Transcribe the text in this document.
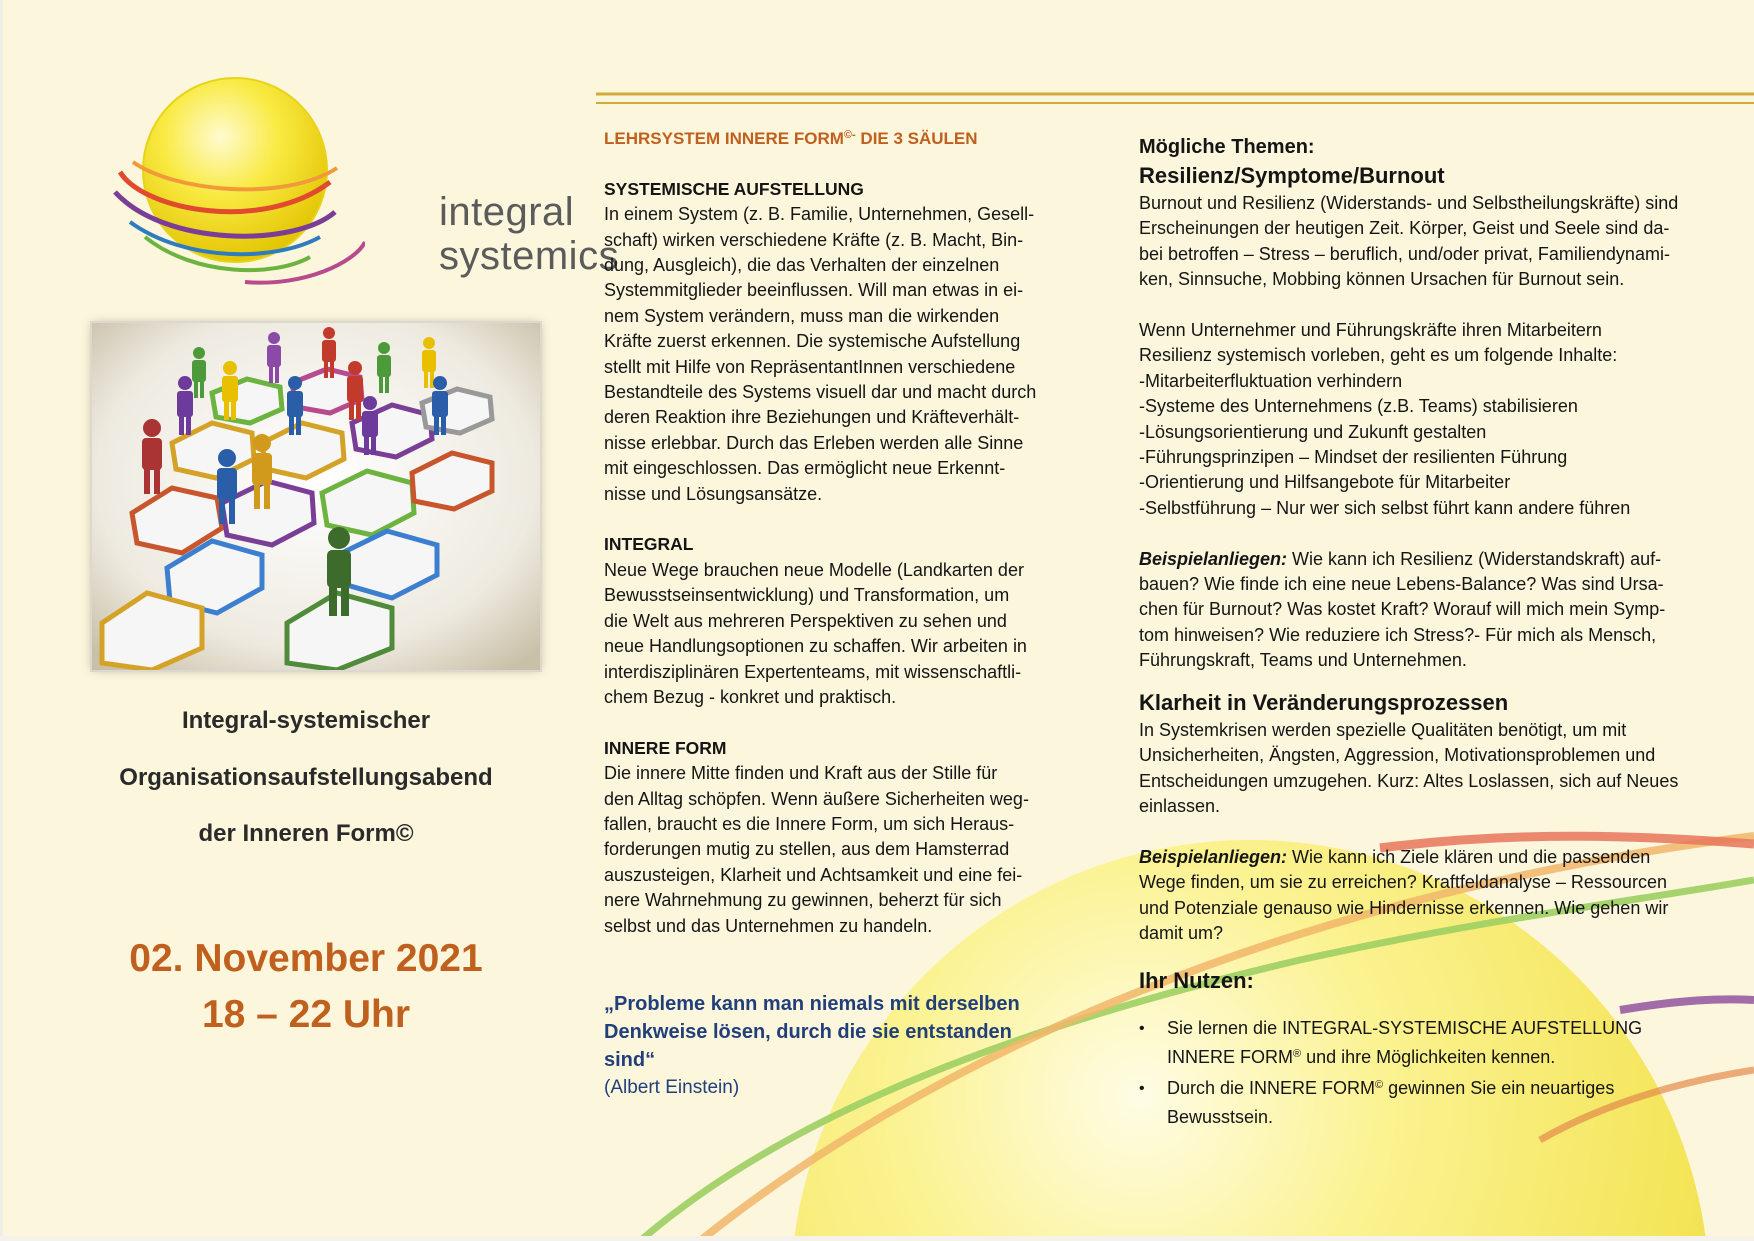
integral
systemics
Integral-systemischer
Organisationsaufstellungsabend
der Inneren Form©
02. November 2021
18 – 22 Uhr

LEHRSYSTEM INNERE FORM©- DIE 3 SÄULEN

SYSTEMISCHE AUFSTELLUNG

In einem System (z. B. Familie, Unternehmen, Gesell-

schaft) wirken verschiedene Kräfte (z. B. Macht, Bin-

dung, Ausgleich), die das Verhalten der einzelnen

Systemmitglieder beeinflussen. Will man etwas in ei-

nem System verändern, muss man die wirkenden

Kräfte zuerst erkennen. Die systemische Aufstellung

stellt mit Hilfe von RepräsentantInnen verschiedene

Bestandteile des Systems visuell dar und macht durch

deren Reaktion ihre Beziehungen und Kräfteverhält-

nisse erlebbar. Durch das Erleben werden alle Sinne

mit eingeschlossen. Das ermöglicht neue Erkennt-

nisse und Lösungsansätze.

INTEGRAL

Neue Wege brauchen neue Modelle (Landkarten der

Bewusstseinsentwicklung) und Transformation, um

die Welt aus mehreren Perspektiven zu sehen und

neue Handlungsoptionen zu schaffen. Wir arbeiten in

interdisziplinären Expertenteams, mit wissenschaftli-

chem Bezug - konkret und praktisch.

INNERE FORM

Die innere Mitte finden und Kraft aus der Stille für

den Alltag schöpfen. Wenn äußere Sicherheiten weg-

fallen, braucht es die Innere Form, um sich Heraus-

forderungen mutig zu stellen, aus dem Hamsterrad

auszusteigen, Klarheit und Achtsamkeit und eine fei-

nere Wahrnehmung zu gewinnen, beherzt für sich

selbst und das Unternehmen zu handeln.

„Probleme kann man niemals mit derselben

Denkweise lösen, durch die sie entstanden

sind“

(Albert Einstein)

Mögliche Themen:

Resilienz/Symptome/Burnout

Burnout und Resilienz (Widerstands- und Selbstheilungskräfte) sind

Erscheinungen der heutigen Zeit. Körper, Geist und Seele sind da-

bei betroffen – Stress – beruflich, und/oder privat, Familiendynami-

ken, Sinnsuche, Mobbing können Ursachen für Burnout sein.

Wenn Unternehmer und Führungskräfte ihren Mitarbeitern

Resilienz systemisch vorleben, geht es um folgende Inhalte:

-Mitarbeiterfluktuation verhindern

-Systeme des Unternehmens (z.B. Teams) stabilisieren

-Lösungsorientierung und Zukunft gestalten

-Führungsprinzipen – Mindset der resilienten Führung

-Orientierung und Hilfsangebote für Mitarbeiter

-Selbstführung – Nur wer sich selbst führt kann andere führen

Beispielanliegen: Wie kann ich Resilienz (Widerstandskraft) auf-

bauen? Wie finde ich eine neue Lebens-Balance? Was sind Ursa-

chen für Burnout? Was kostet Kraft? Worauf will mich mein Symp-

tom hinweisen? Wie reduziere ich Stress?- Für mich als Mensch,

Führungskraft, Teams und Unternehmen.

Klarheit in Veränderungsprozessen

In Systemkrisen werden spezielle Qualitäten benötigt, um mit

Unsicherheiten, Ängsten, Aggression, Motivationsproblemen und

Entscheidungen umzugehen. Kurz: Altes Loslassen, sich auf Neues

einlassen.

Beispielanliegen: Wie kann ich Ziele klären und die passenden

Wege finden, um sie zu erreichen? Kraftfeldanalyse – Ressourcen

und Potenziale genauso wie Hindernisse erkennen. Wie gehen wir

damit um?

Ihr Nutzen:

• Sie lernen die INTEGRAL-SYSTEMISCHE AUFSTELLUNG
INNERE FORM® und ihre Möglichkeiten kennen.
• Durch die INNERE FORM© gewinnen Sie ein neuartiges
Bewusstsein.
